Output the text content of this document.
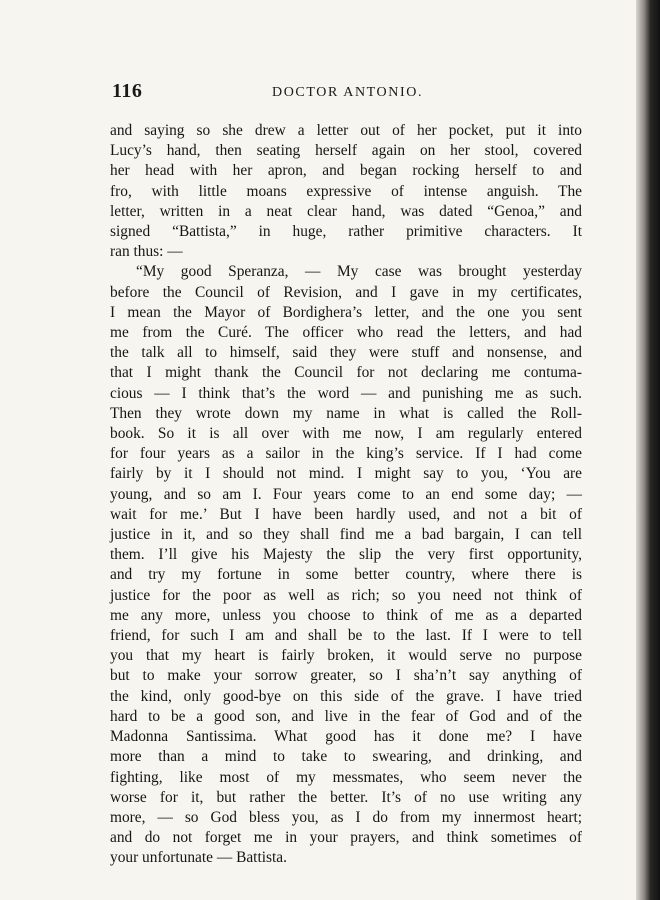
116	DOCTOR ANTONIO.
and saying so she drew a letter out of her pocket, put it into
Lucy’s hand, then seating herself again on her stool, covered
her head with her apron, and began rocking herself to and
fro, with little moans expressive of intense anguish. The
letter, written in a neat clear hand, was dated “Genoa,” and
signed “Battista,” in huge, rather primitive characters. It
ran thus: —
“My good Speranza, — My case was brought yesterday
before the Council of Revision, and I gave in my certificates,
I mean the Mayor of Bordighera’s letter, and the one you sent
me from the Curé. The officer who read the letters, and had
the talk all to himself, said they were stuff and nonsense, and
that I might thank the Council for not declaring me contuma-
cious — I think that’s the word — and punishing me as such.
Then they wrote down my name in what is called the Roll-
book. So it is all over with me now, I am regularly entered
for four years as a sailor in the king’s service. If I had come
fairly by it I should not mind. I might say to you, ‘You are
young, and so am I. Four years come to an end some day; —
wait for me.’ But I have been hardly used, and not a bit of
justice in it, and so they shall find me a bad bargain, I can tell
them. I’ll give his Majesty the slip the very first opportunity,
and try my fortune in some better country, where there is
justice for the poor as well as rich; so you need not think of
me any more, unless you choose to think of me as a departed
friend, for such I am and shall be to the last. If I were to tell
you that my heart is fairly broken, it would serve no purpose
but to make your sorrow greater, so I sha’n’t say anything of
the kind, only good-bye on this side of the grave. I have tried
hard to be a good son, and live in the fear of God and of the
Madonna Santissima. What good has it done me? I have
more than a mind to take to swearing, and drinking, and
fighting, like most of my messmates, who seem never the
worse for it, but rather the better. It’s of no use writing any
more, — so God bless you, as I do from my innermost heart;
and do not forget me in your prayers, and think sometimes of
your unfortunate — Battista.
